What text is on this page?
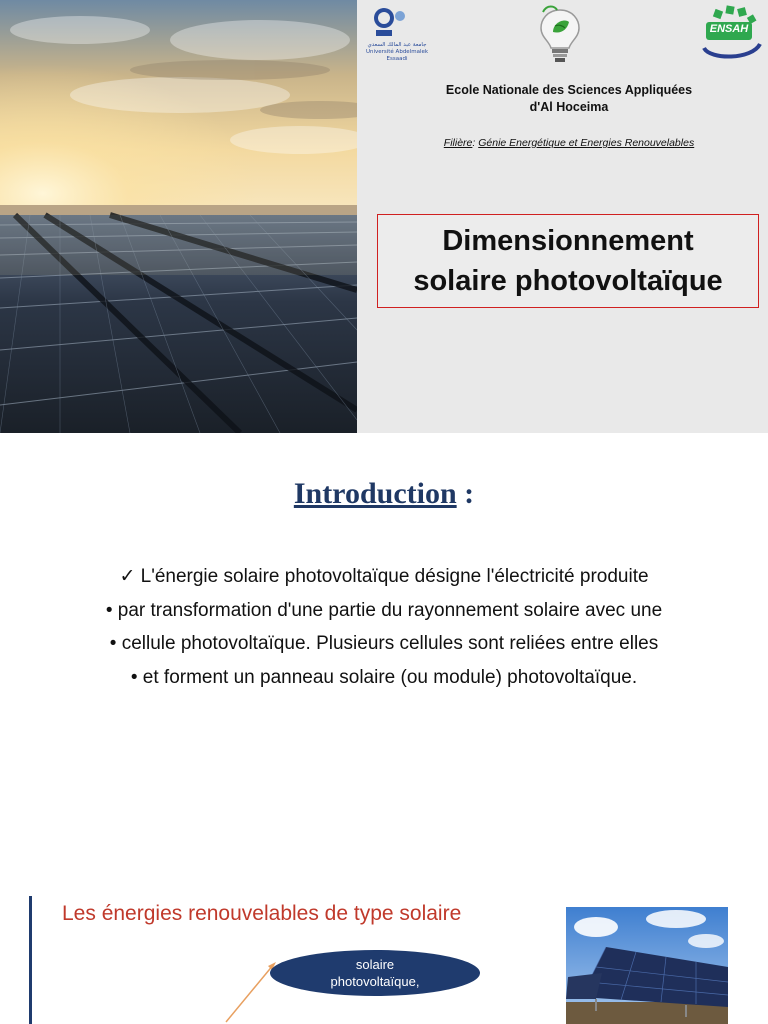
جامعة عبد المالك السعدي
Université Abdelmalek Essaadi
ENSAH
Ecole Nationale des Sciences Appliquées
d'Al Hoceima
Filière: Génie Energétique et Energies Renouvelables
Dimensionnement
solaire photovoltaïque
Introduction :
✓ L'énergie solaire photovoltaïque désigne l'électricité produite
• par transformation d'une partie du rayonnement solaire avec une
• cellule photovoltaïque. Plusieurs cellules sont reliées entre elles
• et forment un panneau solaire (ou module) photovoltaïque.
Les énergies renouvelables de type solaire
solaire
photovoltaïque,
